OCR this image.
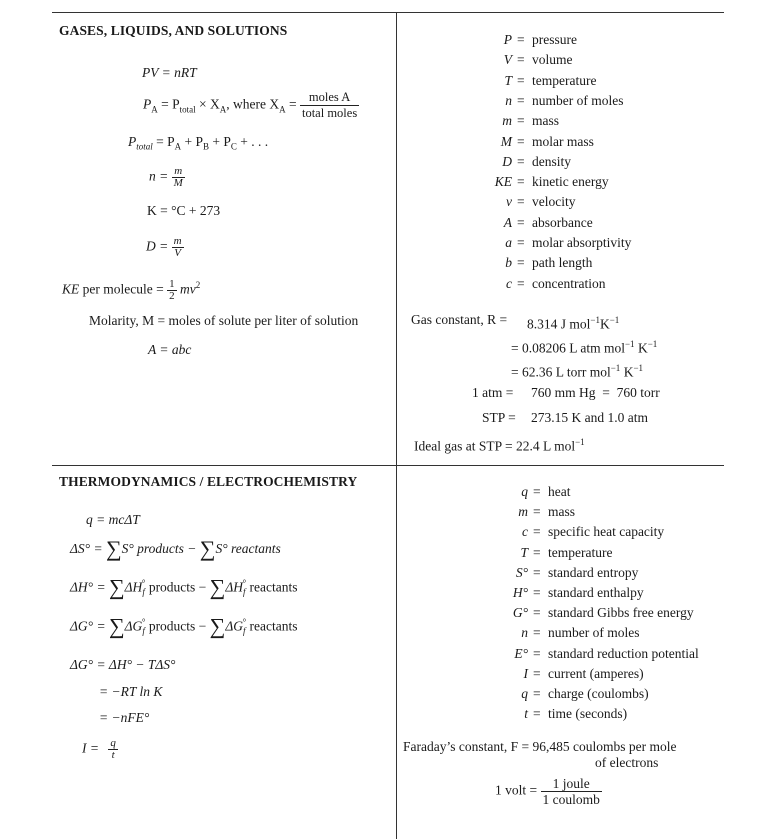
GASES, LIQUIDS, AND SOLUTIONS
PV = nRT
$P_A = P_{total} \times X_A$, where $X_A = \frac{\text{moles A}}{\text{total moles}}$
$P_{total} = P_A + P_B + P_C$ + . . .
$n = \frac{m}{M}$
K = °C + 273
$D = \frac{m}{V}$
KE per molecule = $\frac{1}{2} mv^2$
Molarity, M = moles of solute per liter of solution
A = abc
P = pressure
V = volume
T = temperature
n = number of moles
m = mass
M = molar mass
D = density
KE = kinetic energy
v = velocity
A = absorbance
a = molar absorptivity
b = path length
c = concentration
Gas constant, R = 8.314 J $mol^{-1}K^{-1}$
= 0.08206 L atm mol$^{-1}$ $K^{-1}$
= 62.36 L torr mol$^{-1}$ $K^{-1}$
1 atm = 760 mm Hg  =  760 torr
STP = 273.15 K and 1.0 atm
Ideal gas at STP = 22.4 L mol$^{-1}$
THERMODYNAMICS / ELECTROCHEMISTRY
q = mcΔT
ΔS° = ∑S° products − ∑S° reactants
$\Delta H^\circ = \sum\Delta H_f^\circ$ products − $\sum\Delta H_f^\circ$ reactants
$\Delta G^\circ = \sum\Delta G_f^\circ$ products − $\sum\Delta G_f^\circ$ reactants
ΔG° = ΔH° − TΔS°
= −RT ln K
= −nFE°
$I = \frac{q}{t}$
q = heat
m = mass
c = specific heat capacity
T = temperature
S° = standard entropy
H° = standard enthalpy
G° = standard Gibbs free energy
n = number of moles
E° = standard reduction potential
I = current (amperes)
q = charge (coulombs)
t = time (seconds)
Faraday’s constant, F = 96,485 coulombs per mole
of electrons
1 volt = $\frac{\text{1 joule}}{\text{1 coulomb}}$
